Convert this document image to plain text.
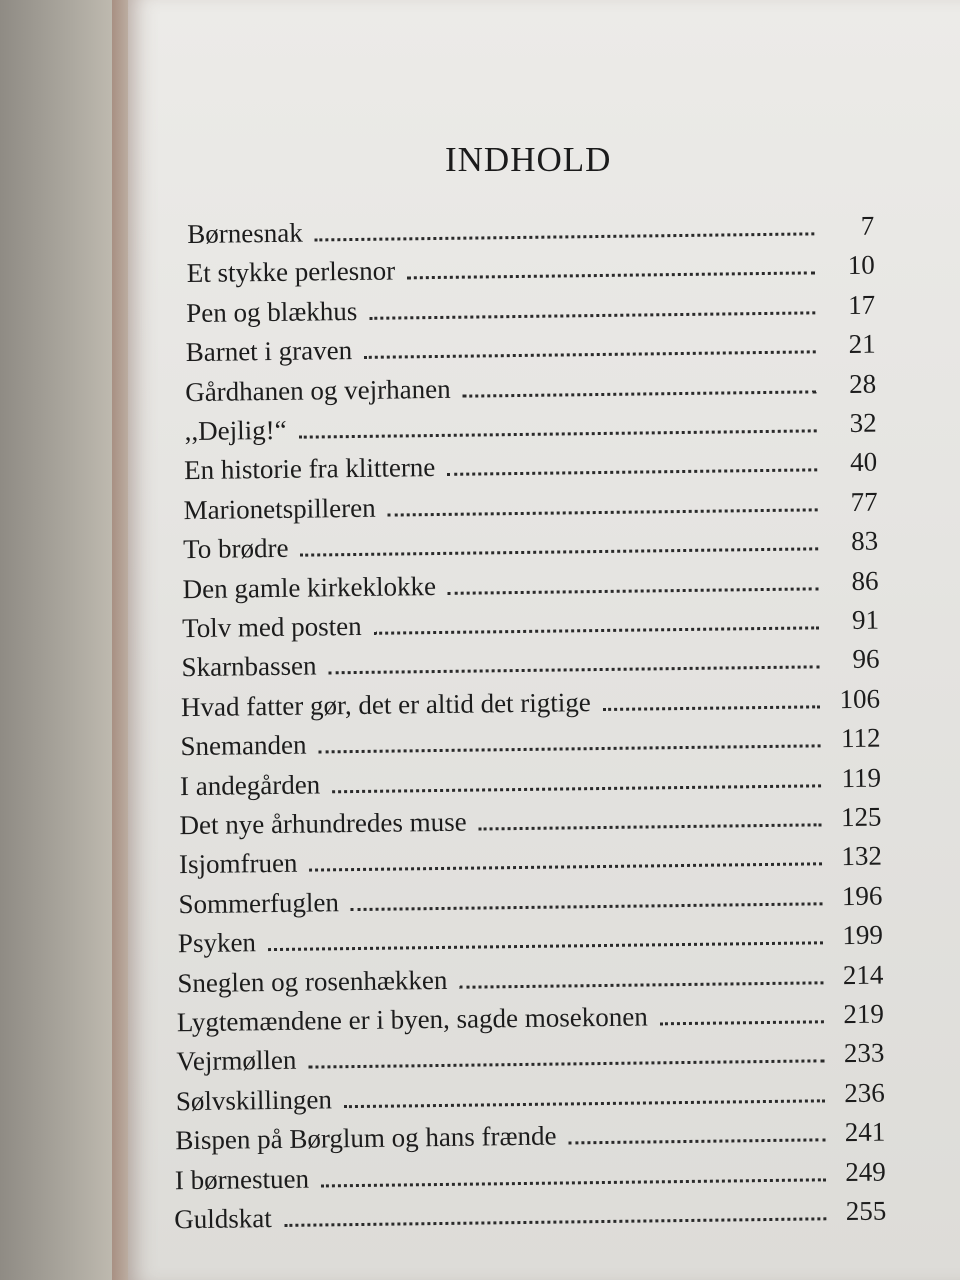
INDHOLD
Børnesnak	7
Et stykke perlesnor	10
Pen og blækhus	17
Barnet i graven	21
Gårdhanen og vejrhanen	28
,,Dejlig!“	32
En historie fra klitterne	40
Marionetspilleren	77
To brødre	83
Den gamle kirkeklokke	86
Tolv med posten	91
Skarnbassen	96
Hvad fatter gør, det er altid det rigtige	106
Snemanden	112
I andegården	119
Det nye århundredes muse	125
Isjomfruen	132
Sommerfuglen	196
Psyken	199
Sneglen og rosenhækken	214
Lygtemændene er i byen, sagde mosekonen	219
Vejrmøllen	233
Sølvskillingen	236
Bispen på Børglum og hans frænde	241
I børnestuen	249
Guldskat	255
